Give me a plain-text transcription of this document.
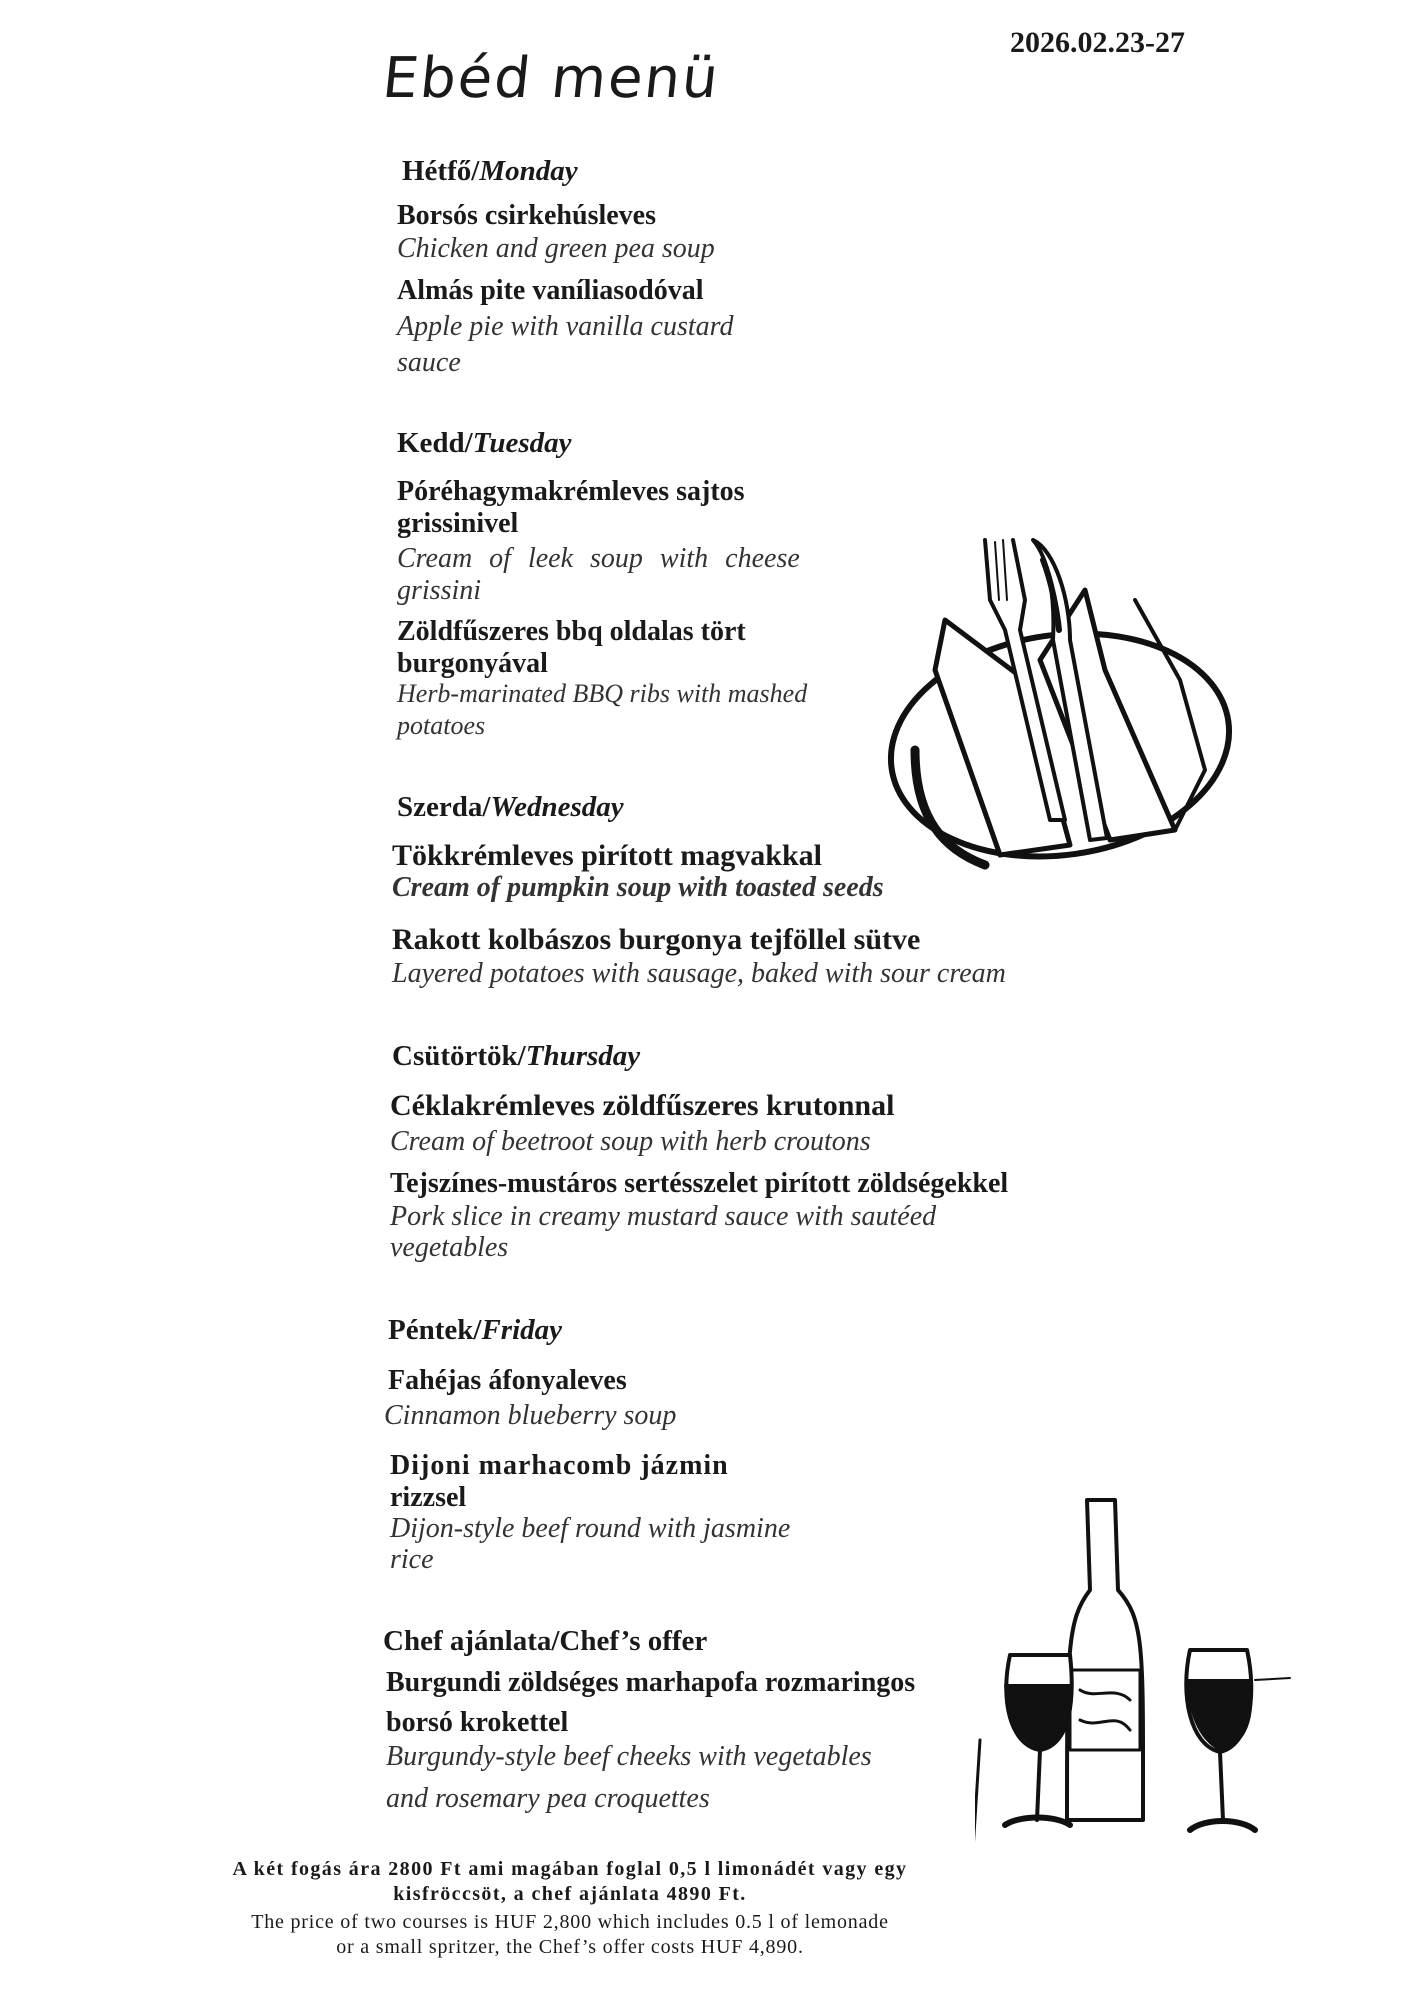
Ebéd menü
2026.02.23-27
Hétfő/Monday
Borsós csirkehúsleves
Chicken and green pea soup
Almás pite vaníliasodóval
Apple pie with vanilla custard
sauce
Kedd/Tuesday
Póréhagymakrémleves sajtos
grissinivel
Cream of leek soup with cheese
grissini
Zöldfűszeres bbq oldalas tört
burgonyával
Herb-marinated BBQ ribs with mashed
potatoes
Szerda/Wednesday
Tökkrémleves pirított magvakkal
Cream of pumpkin soup with toasted seeds
Rakott kolbászos burgonya tejföllel sütve
Layered potatoes with sausage, baked with sour cream
Csütörtök/Thursday
Céklakrémleves zöldfűszeres krutonnal
Cream of beetroot soup with herb croutons
Tejszínes-mustáros sertésszelet pirított zöldségekkel
Pork slice in creamy mustard sauce with sautéed
vegetables
Péntek/Friday
Fahéjas áfonyaleves
Cinnamon blueberry soup
Dijoni marhacomb jázmin
rizzsel
Dijon-style beef round with jasmine
rice
Chef ajánlata/Chef’s offer
Burgundi zöldséges marhapofa rozmaringos
borsó krokettel
Burgundy-style beef cheeks with vegetables
and rosemary pea croquettes
A két fogás ára 2800 Ft ami magában foglal 0,5 l limonádét vagy egy
kisfröccsöt, a chef ajánlata 4890 Ft.
The price of two courses is HUF 2,800 which includes 0.5 l of lemonade
or a small spritzer, the Chef’s offer costs HUF 4,890.
